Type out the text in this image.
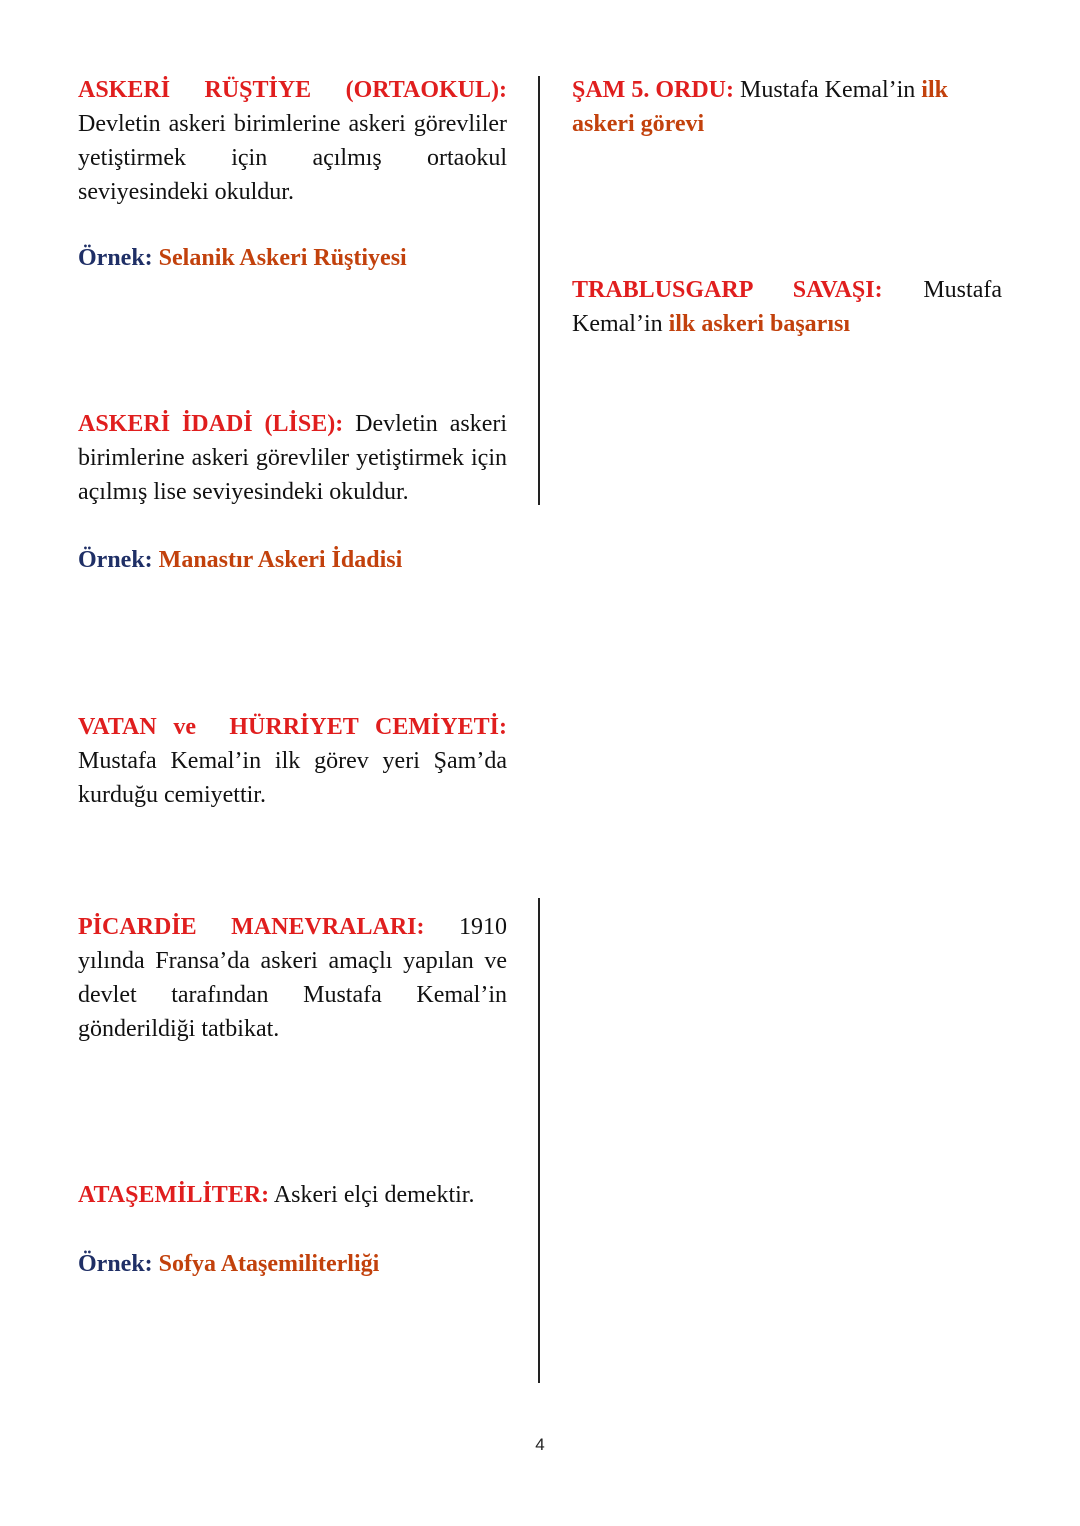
ASKERİ RÜŞTİYE (ORTAOKUL): Devletin askeri birimlerine askeri görevliler yetiştirmek için açılmış ortaokul seviyesindeki okuldur.
Örnek: Selanik Askeri Rüştiyesi
ASKERİ İDADİ (LİSE): Devletin askeri birimlerine askeri görevliler yetiştirmek için açılmış lise seviyesindeki okuldur.
Örnek: Manastır Askeri İdadisi
VATAN ve  HÜRRİYET CEMİYETİ: Mustafa Kemal’in ilk görev yeri Şam’da kurduğu cemiyettir.
PİCARDİE MANEVRALARI: 1910 yılında Fransa’da askeri amaçlı yapılan ve devlet tarafından Mustafa Kemal’in gönderildiği tatbikat.
ATAŞEMİLİTER: Askeri elçi demektir.
Örnek: Sofya Ataşemiliterliği
ŞAM 5. ORDU: Mustafa Kemal’in ilk askeri görevi
TRABLUSGARP SAVAŞI: Mustafa Kemal’in ilk askeri başarısı
4
